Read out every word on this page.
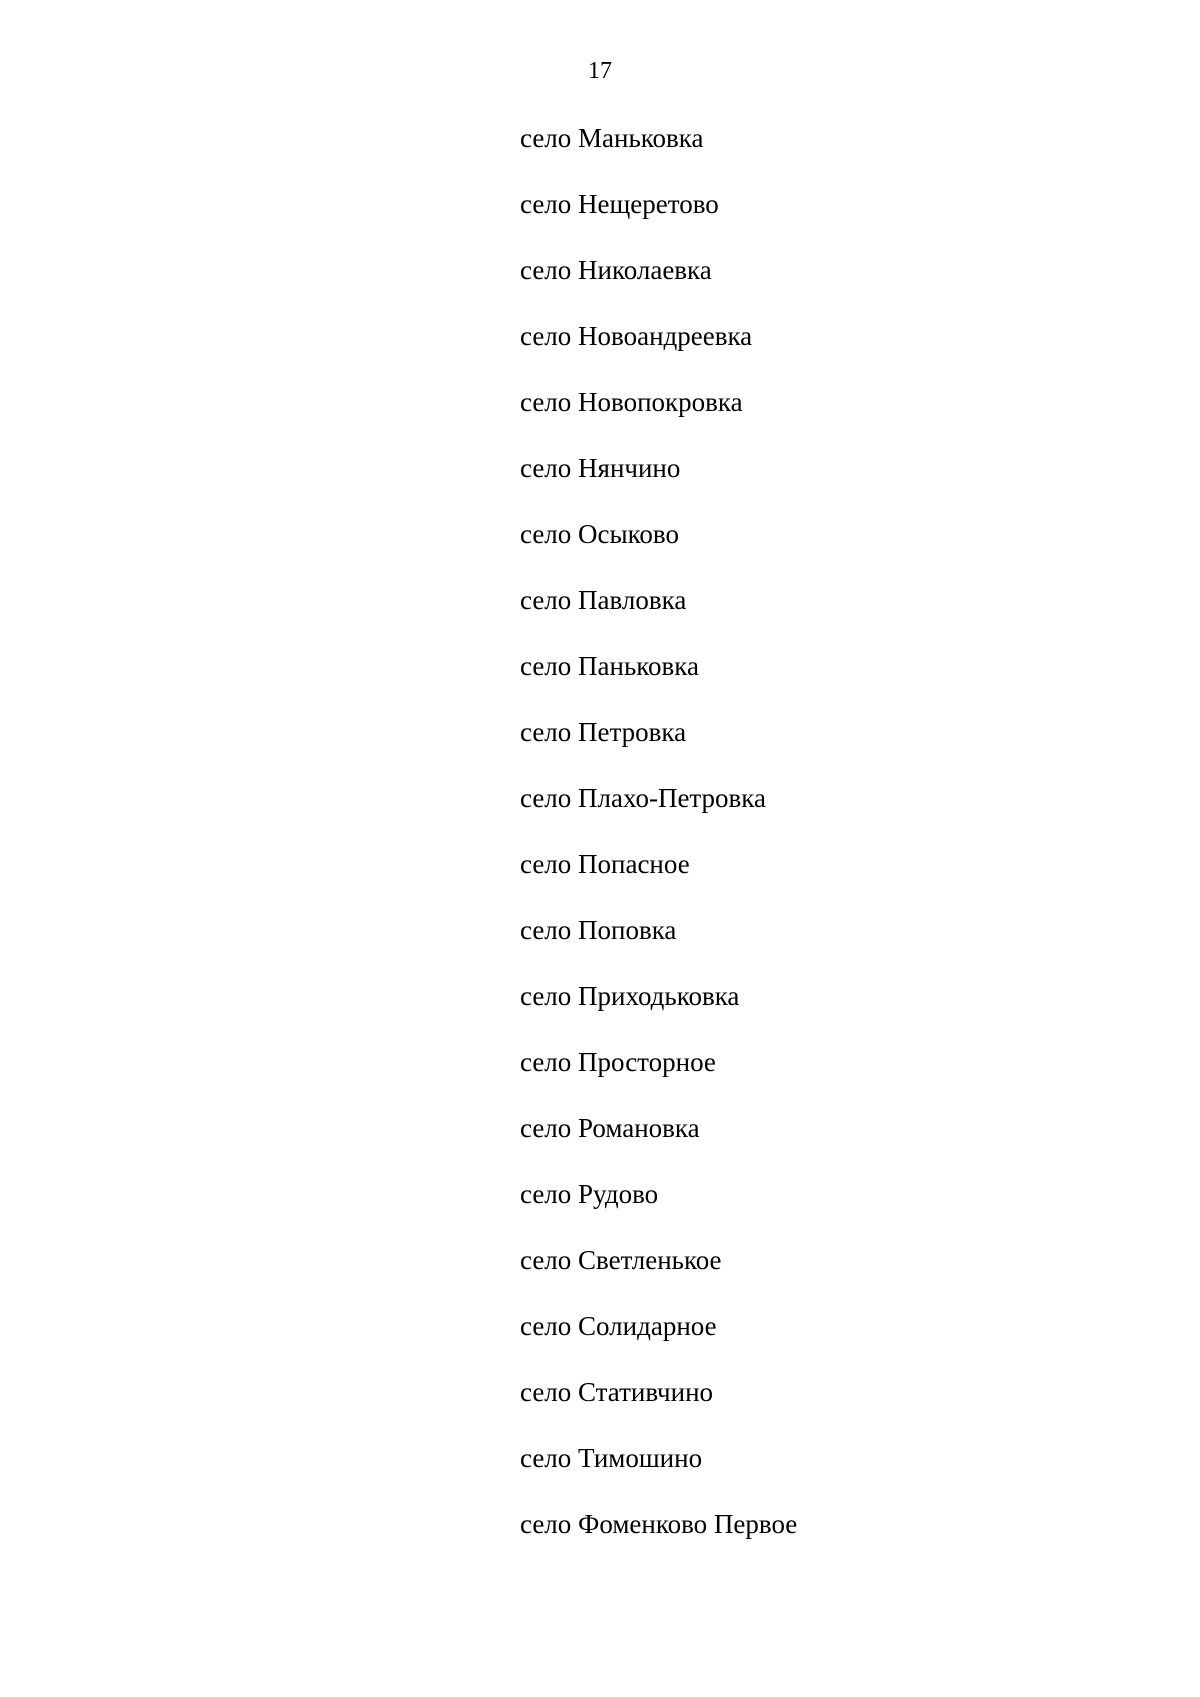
17
село Маньковка
село Нещеретово
село Николаевка
село Новоандреевка
село Новопокровка
село Нянчино
село Осыково
село Павловка
село Паньковка
село Петровка
село Плахо-Петровка
село Попасное
село Поповка
село Приходьковка
село Просторное
село Романовка
село Рудово
село Светленькое
село Солидарное
село Стативчино
село Тимошино
село Фоменково Первое
